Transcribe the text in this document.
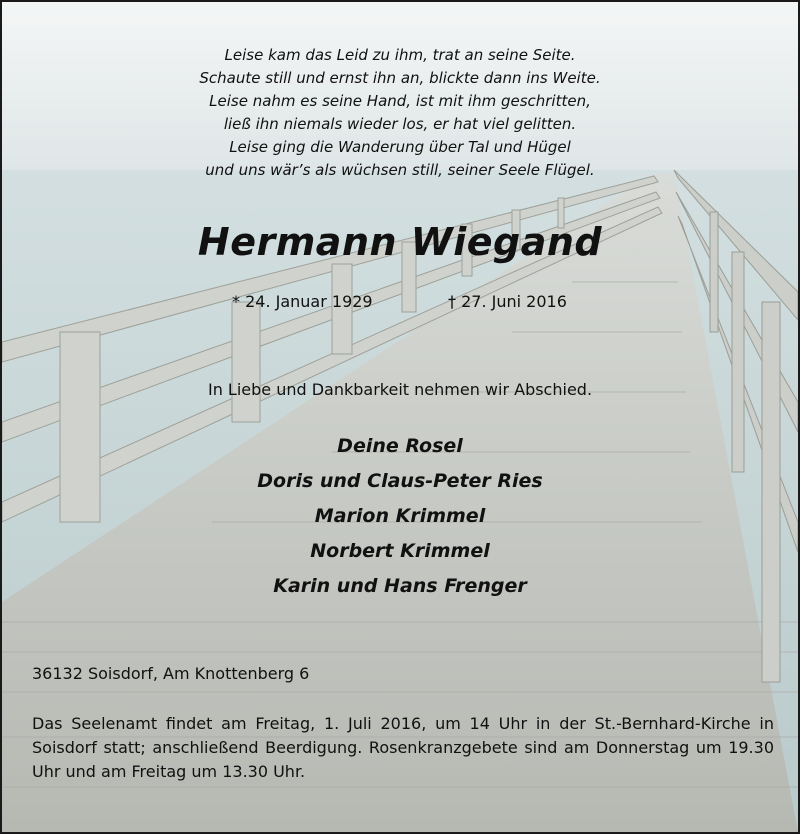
Leise kam das Leid zu ihm, trat an seine Seite.
Schaute still und ernst ihn an, blickte dann ins Weite.
Leise nahm es seine Hand, ist mit ihm geschritten,
ließ ihn niemals wieder los, er hat viel gelitten.
Leise ging die Wanderung über Tal und Hügel
und uns wär’s als wüchsen still, seiner Seele Flügel.
Hermann Wiegand
* 24. Januar 1929	† 27. Juni 2016
In Liebe und Dankbarkeit nehmen wir Abschied.
Deine Rosel
Doris und Claus-Peter Ries
Marion Krimmel
Norbert Krimmel
Karin und Hans Frenger
36132 Soisdorf, Am Knottenberg 6
Das Seelenamt findet am Freitag, 1. Juli 2016, um 14 Uhr in der St.-Bernhard-Kirche in Soisdorf statt; anschließend Beerdigung. Rosenkranzgebete sind am Donnerstag um 19.30 Uhr und am Freitag um 13.30 Uhr.
